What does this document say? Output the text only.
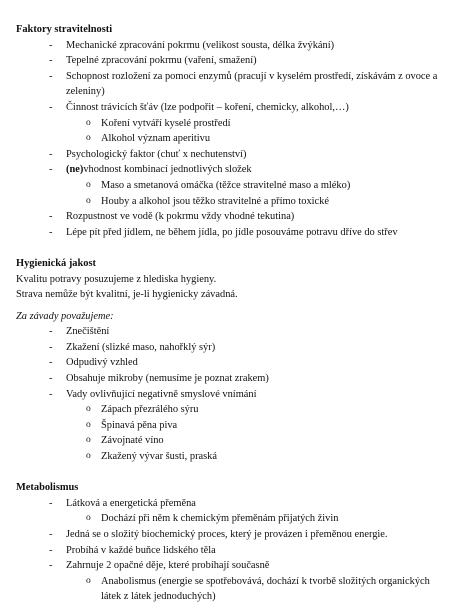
Faktory stravitelnosti
- Mechanické zpracování pokrmu (velikost sousta, délka žvýkání)
- Tepelné zpracování pokrmu (vaření, smažení)
- Schopnost rozložení za pomoci enzymů (pracují v kyselém prostředí, získávám z ovoce a zeleniny)
- Činnost trávicích šťáv (lze podpořit – koření, chemicky, alkohol,…)
o Koření vytváří kyselé prostředí
o Alkohol význam aperitivu
- Psychologický faktor (chuť x nechutenství)
- (ne)vhodnost kombinací jednotlivých složek
o Maso a smetanová omáčka (těžce stravitelné maso a mléko)
o Houby a alkohol jsou těžko stravitelné a přímo toxické
- Rozpustnost ve vodě (k pokrmu vždy vhodné tekutina)
- Lépe pít před jídlem, ne během jídla, po jídle posouváme potravu dříve do střev
Hygienická jakost
Kvalitu potravy posuzujeme z hlediska hygieny.
Strava nemůže být kvalitní, je-li hygienicky závadná.
Za závady považujeme:
- Znečištění
- Zkažení (slizké maso, nahořklý sýr)
- Odpudivý vzhled
- Obsahuje mikroby (nemusíme je poznat zrakem)
- Vady ovlivňující negativně smyslové vnímání
o Zápach přezrálého sýru
o Špinavá pěna piva
o Závojnaté víno
o Zkažený vývar šusti, praská
Metabolismus
- Látková a energetická přeměna
o Dochází při něm k chemickým přeměnám přijatých živin
- Jedná se o složitý biochemický proces, který je provázen i přeměnou energie.
- Probíhá v každé buňce lidského těla
- Zahrnuje 2 opačné děje, které probíhají současně
o Anabolismus (energie se spotřebovává, dochází k tvorbě složitých organických látek z látek jednoduchých)
